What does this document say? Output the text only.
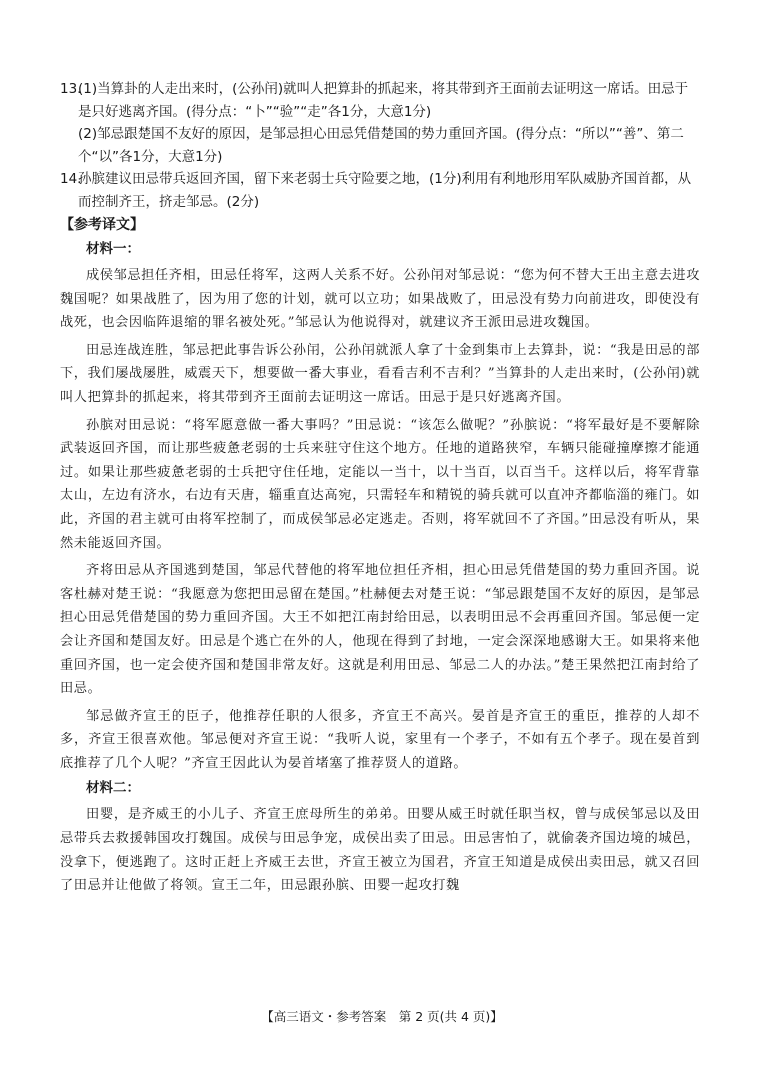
13.

(1)当算卦的人走出来时，(公孙闬)就叫人把算卦的抓起来，将其带到齐王面前去证明这一席话。田忌于是只好逃离齐国。(得分点：“卜”“验”“走”各1分，大意1分)

(2)邹忌跟楚国不友好的原因，是邹忌担心田忌凭借楚国的势力重回齐国。(得分点：“所以”“善”、第二个“以”各1分，大意1分)

14.

孙膑建议田忌带兵返回齐国，留下来老弱士兵守险要之地，(1分)利用有利地形用军队威胁齐国首都，从而控制齐王，挤走邹忌。(2分)

【参考译文】
材料一：

成侯邹忌担任齐相，田忌任将军，这两人关系不好。公孙闬对邹忌说：“您为何不替大王出主意去进攻魏国呢？如果战胜了，因为用了您的计划，就可以立功；如果战败了，田忌没有势力向前进攻，即使没有战死，也会因临阵退缩的罪名被处死。”邹忌认为他说得对，就建议齐王派田忌进攻魏国。

田忌连战连胜，邹忌把此事告诉公孙闬，公孙闬就派人拿了十金到集市上去算卦，说：“我是田忌的部下，我们屡战屡胜，威震天下，想要做一番大事业，看看吉利不吉利？”当算卦的人走出来时，(公孙闬)就叫人把算卦的抓起来，将其带到齐王面前去证明这一席话。田忌于是只好逃离齐国。

孙膑对田忌说：“将军愿意做一番大事吗？”田忌说：“该怎么做呢？”孙膑说：“将军最好是不要解除武装返回齐国，而让那些疲惫老弱的士兵来驻守住这个地方。任地的道路狭窄，车辆只能碰撞摩擦才能通过。如果让那些疲惫老弱的士兵把守住任地，定能以一当十，以十当百，以百当千。这样以后，将军背靠太山，左边有济水，右边有天唐，辎重直达高宛，只需轻车和精锐的骑兵就可以直冲齐都临淄的雍门。如此，齐国的君主就可由将军控制了，而成侯邹忌必定逃走。否则，将军就回不了齐国。”田忌没有听从，果然未能返回齐国。

齐将田忌从齐国逃到楚国，邹忌代替他的将军地位担任齐相，担心田忌凭借楚国的势力重回齐国。说客杜赫对楚王说：“我愿意为您把田忌留在楚国。”杜赫便去对楚王说：“邹忌跟楚国不友好的原因，是邹忌担心田忌凭借楚国的势力重回齐国。大王不如把江南封给田忌，以表明田忌不会再重回齐国。邹忌便一定会让齐国和楚国友好。田忌是个逃亡在外的人，他现在得到了封地，一定会深深地感谢大王。如果将来他重回齐国，也一定会使齐国和楚国非常友好。这就是利用田忌、邹忌二人的办法。”楚王果然把江南封给了田忌。

邹忌做齐宣王的臣子，他推荐任职的人很多，齐宣王不高兴。晏首是齐宣王的重臣，推荐的人却不多，齐宣王很喜欢他。邹忌便对齐宣王说：“我听人说，家里有一个孝子，不如有五个孝子。现在晏首到底推荐了几个人呢？”齐宣王因此认为晏首堵塞了推荐贤人的道路。

材料二：

田婴，是齐威王的小儿子、齐宣王庶母所生的弟弟。田婴从威王时就任职当权，曾与成侯邹忌以及田忌带兵去救援韩国攻打魏国。成侯与田忌争宠，成侯出卖了田忌。田忌害怕了，就偷袭齐国边境的城邑，没拿下，便逃跑了。这时正赶上齐威王去世，齐宣王被立为国君，齐宣王知道是成侯出卖田忌，就又召回了田忌并让他做了将领。宣王二年，田忌跟孙膑、田婴一起攻打魏

【高三语文・参考答案　第 2 页(共 4 页)】
